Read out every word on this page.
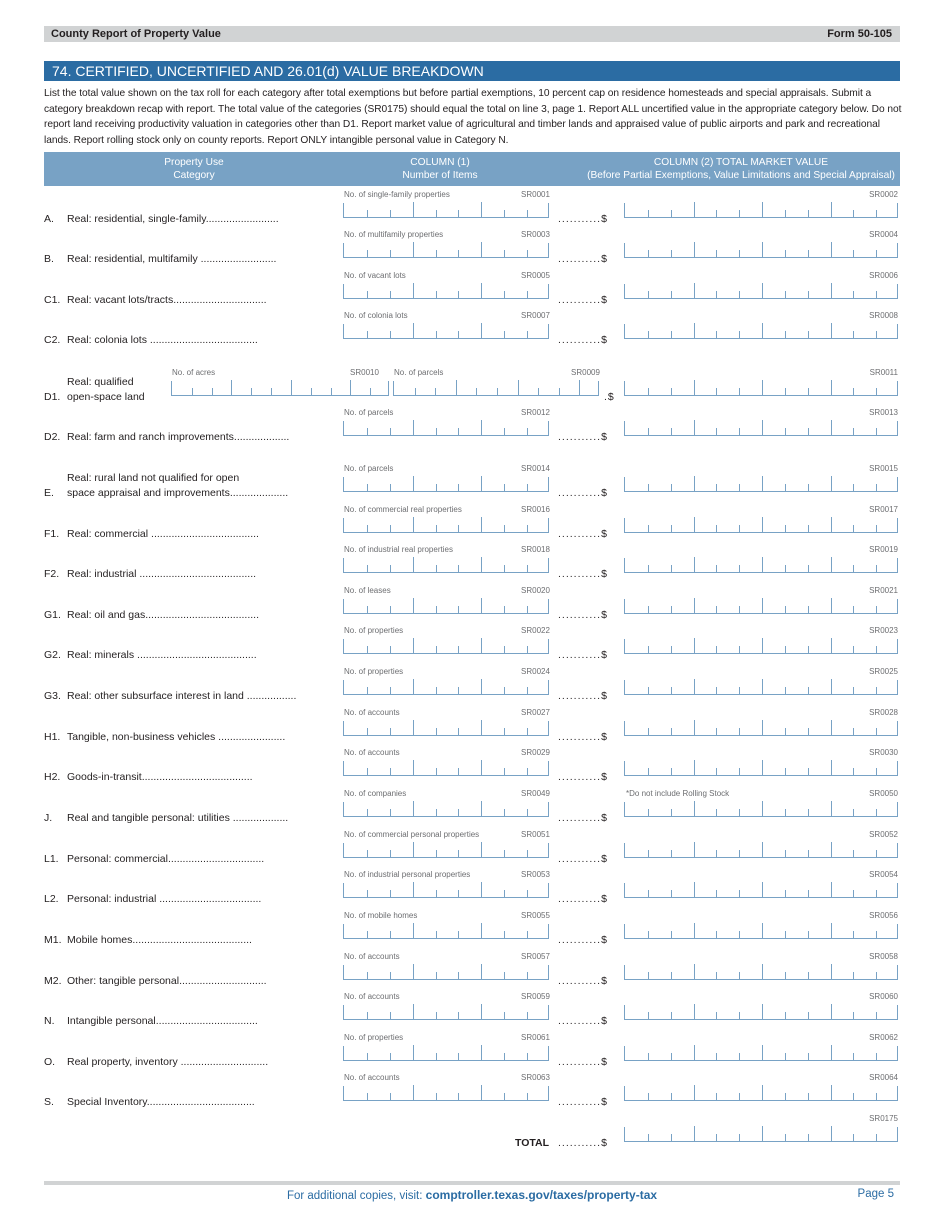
County Report of Property Value	Form 50-105
74. CERTIFIED, UNCERTIFIED AND 26.01(d) VALUE BREAKDOWN
List the total value shown on the tax roll for each category after total exemptions but before partial exemptions, 10 percent cap on residence homesteads and special appraisals. Submit a category breakdown recap with report. The total value of the categories (SR0175) should equal the total on line 3, page 1. Report ALL uncertified value in the appropriate category below. Do not report land receiving productivity valuation in categories other than D1. Report market value of agricultural and timber lands and appraised value of public airports and park and recreational lands. Report rolling stock only on county reports. Report ONLY intangible personal value in Category N.
Property Use
Category
COLUMN (1)
Number of Items
COLUMN (2) TOTAL MARKET VALUE
(Before Partial Exemptions, Value Limitations and Special Appraisal)
A. Real: residential, single-family.........................
No. of single-family properties	SR0001
...........$
SR0002
B. Real: residential, multifamily ..........................
No. of multifamily properties	SR0003
...........$
SR0004
C1. Real: vacant lots/tracts................................
No. of vacant lots	SR0005
...........$
SR0006
C2. Real: colonia lots .....................................
No. of colonia lots	SR0007
...........$
SR0008
D1.
Real: qualified
open-space land
No. of acres	SR0010 No. of parcels	SR0009
.$
SR0011
D2. Real: farm and ranch improvements...................
No. of parcels	SR0012
...........$
SR0013
E.
Real: rural land not qualified for open
space appraisal and improvements....................
No. of parcels	SR0014
...........$
SR0015
F1. Real: commercial .....................................
No. of commercial real properties	SR0016
...........$
SR0017
F2. Real: industrial ........................................
No. of industrial real properties	SR0018
...........$
SR0019
G1. Real: oil and gas.......................................
No. of leases	SR0020
...........$
SR0021
G2. Real: minerals .........................................
No. of properties	SR0022
...........$
SR0023
G3. Real: other subsurface interest in land .................
No. of properties	SR0024
...........$
SR0025
H1. Tangible, non-business vehicles .......................
No. of accounts	SR0027
...........$
SR0028
H2. Goods-in-transit......................................
No. of accounts	SR0029
...........$
SR0030
J. Real and tangible personal: utilities ...................
No. of companies	SR0049
...........$
*Do not include Rolling Stock	SR0050
L1. Personal: commercial.................................
No. of commercial personal properties	SR0051
...........$
SR0052
L2. Personal: industrial ...................................
No. of industrial personal properties	SR0053
...........$
SR0054
M1. Mobile homes.........................................
No. of mobile homes	SR0055
...........$
SR0056
M2. Other: tangible personal..............................
No. of accounts	SR0057
...........$
SR0058
N. Intangible personal...................................
No. of accounts	SR0059
...........$
SR0060
O. Real property, inventory ..............................
No. of properties	SR0061
...........$
SR0062
S. Special Inventory.....................................
No. of accounts	SR0063
...........$
SR0064
TOTAL ...........$
SR0175
For additional copies, visit: comptroller.texas.gov/taxes/property-tax	Page 5
